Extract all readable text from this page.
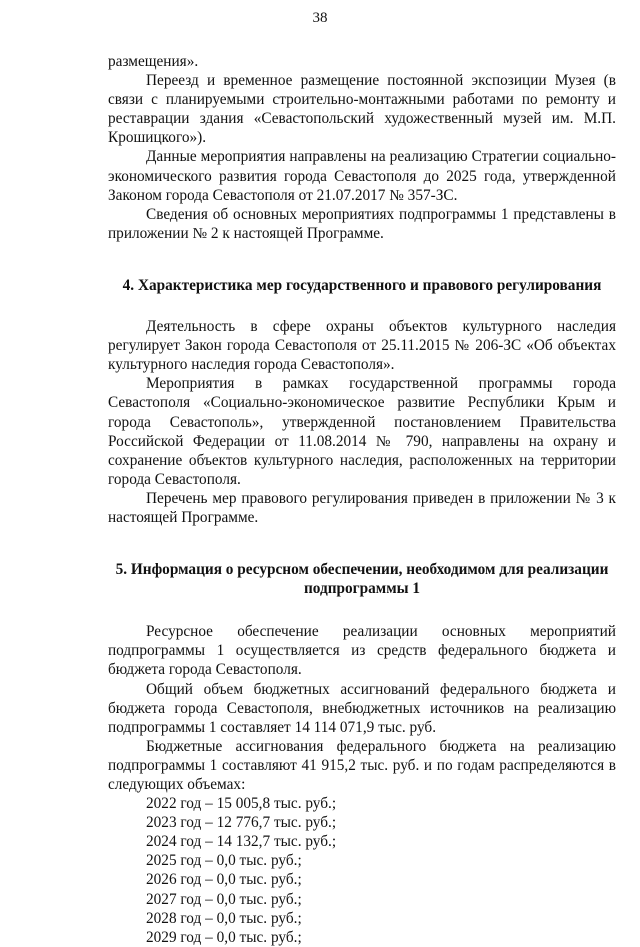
38

размещения».

Переезд и временное размещение постоянной экспозиции Музея (в связи с планируемыми строительно-монтажными работами по ремонту и реставрации здания «Севастопольский художественный музей им. М.П. Крошицкого»).

Данные мероприятия направлены на реализацию Стратегии социально-экономического развития города Севастополя до 2025 года, утвержденной Законом города Севастополя от 21.07.2017 № 357-ЗС.

Сведения об основных мероприятиях подпрограммы 1 представлены в приложении № 2 к настоящей Программе.

4. Характеристика мер государственного и правового регулирования

Деятельность в сфере охраны объектов культурного наследия регулирует Закон города Севастополя от 25.11.2015 № 206-ЗС «Об объектах культурного наследия города Севастополя».

Мероприятия в рамках государственной программы города Севастополя «Социально-экономическое развитие Республики Крым и города Севастополь», утвержденной постановлением Правительства Российской Федерации от 11.08.2014 № 790, направлены на охрану и сохранение объектов культурного наследия, расположенных на территории города Севастополя.

Перечень мер правового регулирования приведен в приложении № 3 к настоящей Программе.

5. Информация о ресурсном обеспечении, необходимом для реализации
подпрограммы 1

Ресурсное обеспечение реализации основных мероприятий подпрограммы 1 осуществляется из средств федерального бюджета и бюджета города Севастополя.

Общий объем бюджетных ассигнований федерального бюджета и бюджета города Севастополя, внебюджетных источников на реализацию подпрограммы 1 составляет 14 114 071,9 тыс. руб.

Бюджетные ассигнования федерального бюджета на реализацию подпрограммы 1 составляют 41 915,2 тыс. руб. и по годам распределяются в следующих объемах:

2022 год – 15 005,8 тыс. руб.;
2023 год – 12 776,7 тыс. руб.;
2024 год – 14 132,7 тыс. руб.;
2025 год – 0,0 тыс. руб.;
2026 год – 0,0 тыс. руб.;
2027 год – 0,0 тыс. руб.;
2028 год – 0,0 тыс. руб.;
2029 год – 0,0 тыс. руб.;
